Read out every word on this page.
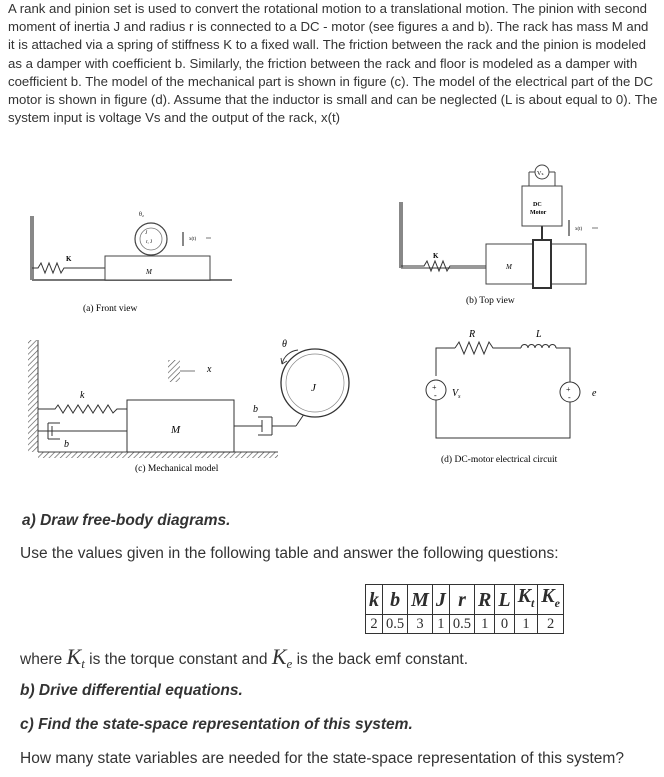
A rank and pinion set is used to convert the rotational motion to a translational motion. The pinion with second moment of inertia J and radius r is connected to a DC - motor (see figures a and b). The rack has mass M and it is attached via a spring of stiffness K to a fixed wall. The friction between the rack and the pinion is modeled as a damper with coefficient b. Similarly, the friction between the rack and floor is modeled as a damper with coefficient b. The model of the mechanical part is shown in figure (c). The model of the electrical part of the DC motor is shown in figure (d). Assume that the inductor is small and can be neglected (L is about equal to 0). The system input is voltage Vs and the output of the rack, x(t)
K
M
J
r, J
θ₂
x(t)
(a) Front view
K
M
DC
Motor
Vₛ
x(t)
(b) Top view
k
b
M
x
b
J
θ
(c) Mechanical model
R	L
+
- $V_s$
+
- e
(d) DC-motor electrical circuit
a) Draw free-body diagrams.
Use the values given in the following table and answer the following questions:
k	b	M	J	r	R	L	$K_t$	$K_e$
2	0.5	3	1	0.5	1	0	1	2
where $K_t$ is the torque constant and $K_e$ is the back emf constant.
b) Drive differential equations.
c) Find the state-space representation of this system.
How many state variables are needed for the state-space representation of this system?
